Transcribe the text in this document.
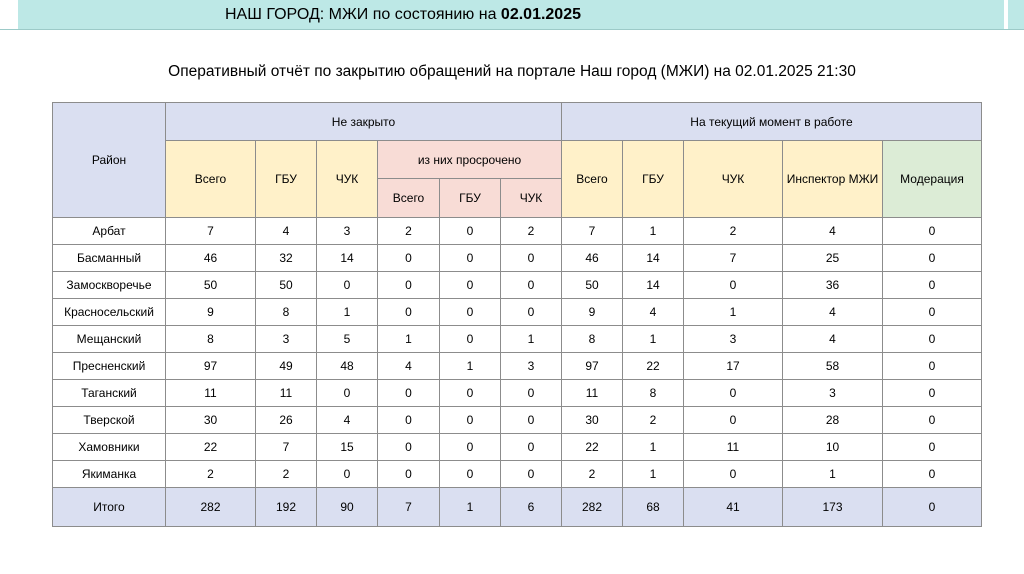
НАШ ГОРОД: МЖИ по состоянию на 02.01.2025
Оперативный отчёт по закрытию обращений на портале Наш город (МЖИ) на 02.01.2025 21:30
Район	Не закрыто						На текущий момент в работе				
	Всего	ГБУ	ЧУК	из них просрочено			Всего	ГБУ	ЧУК	Инспектор МЖИ	Модерация
				Всего	ГБУ	ЧУК					
Арбат	7	4	3	2	0	2	7	1	2	4	0
Басманный	46	32	14	0	0	0	46	14	7	25	0
Замоскворечье	50	50	0	0	0	0	50	14	0	36	0
Красносельский	9	8	1	0	0	0	9	4	1	4	0
Мещанский	8	3	5	1	0	1	8	1	3	4	0
Пресненский	97	49	48	4	1	3	97	22	17	58	0
Таганский	11	11	0	0	0	0	11	8	0	3	0
Тверской	30	26	4	0	0	0	30	2	0	28	0
Хамовники	22	7	15	0	0	0	22	1	11	10	0
Якиманка	2	2	0	0	0	0	2	1	0	1	0
Итого	282	192	90	7	1	6	282	68	41	173	0
